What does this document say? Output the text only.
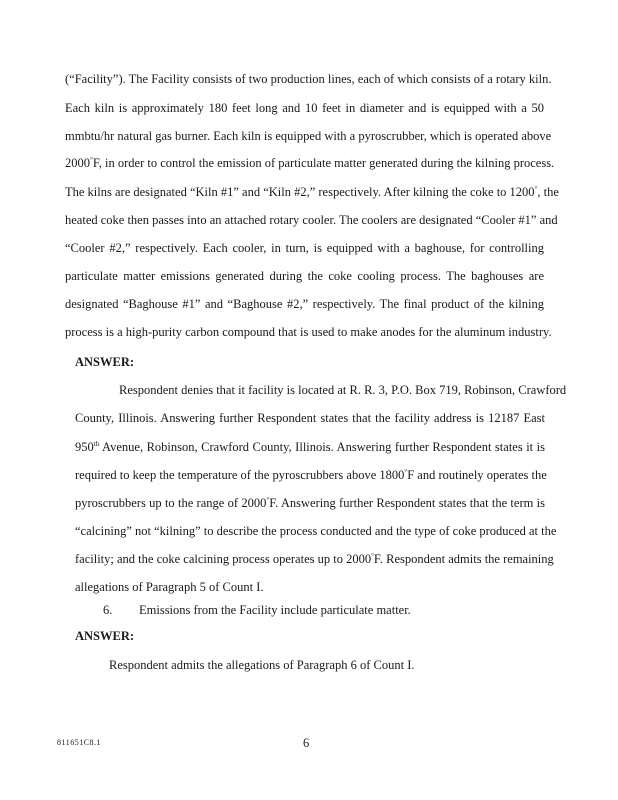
(“Facility”). The Facility consists of two production lines, each of which consists of a rotary kiln.
Each kiln is approximately 180 feet long and 10 feet in diameter and is equipped with a 50
mmbtu/hr natural gas burner. Each kiln is equipped with a pyroscrubber, which is operated above
2000°F, in order to control the emission of particulate matter generated during the kilning process.
The kilns are designated “Kiln #1” and “Kiln #2,” respectively. After kilning the coke to 1200°, the
heated coke then passes into an attached rotary cooler. The coolers are designated “Cooler #1” and
“Cooler #2,” respectively. Each cooler, in turn, is equipped with a baghouse, for controlling
particulate matter emissions generated during the coke cooling process. The baghouses are
designated “Baghouse #1” and “Baghouse #2,” respectively. The final product of the kilning
process is a high-purity carbon compound that is used to make anodes for the aluminum industry.
ANSWER:
Respondent denies that it facility is located at R. R. 3, P.O. Box 719, Robinson, Crawford
County, Illinois. Answering further Respondent states that the facility address is 12187 East
950th Avenue, Robinson, Crawford County, Illinois. Answering further Respondent states it is
required to keep the temperature of the pyroscrubbers above 1800°F and routinely operates the
pyroscrubbers up to the range of 2000°F. Answering further Respondent states that the term is
“calcining” not “kilning” to describe the process conducted and the type of coke produced at the
facility; and the coke calcining process operates up to 2000°F. Respondent admits the remaining
allegations of Paragraph 5 of Count I.
6. Emissions from the Facility include particulate matter.
ANSWER:
Respondent admits the allegations of Paragraph 6 of Count I.
811651C8.1	6
